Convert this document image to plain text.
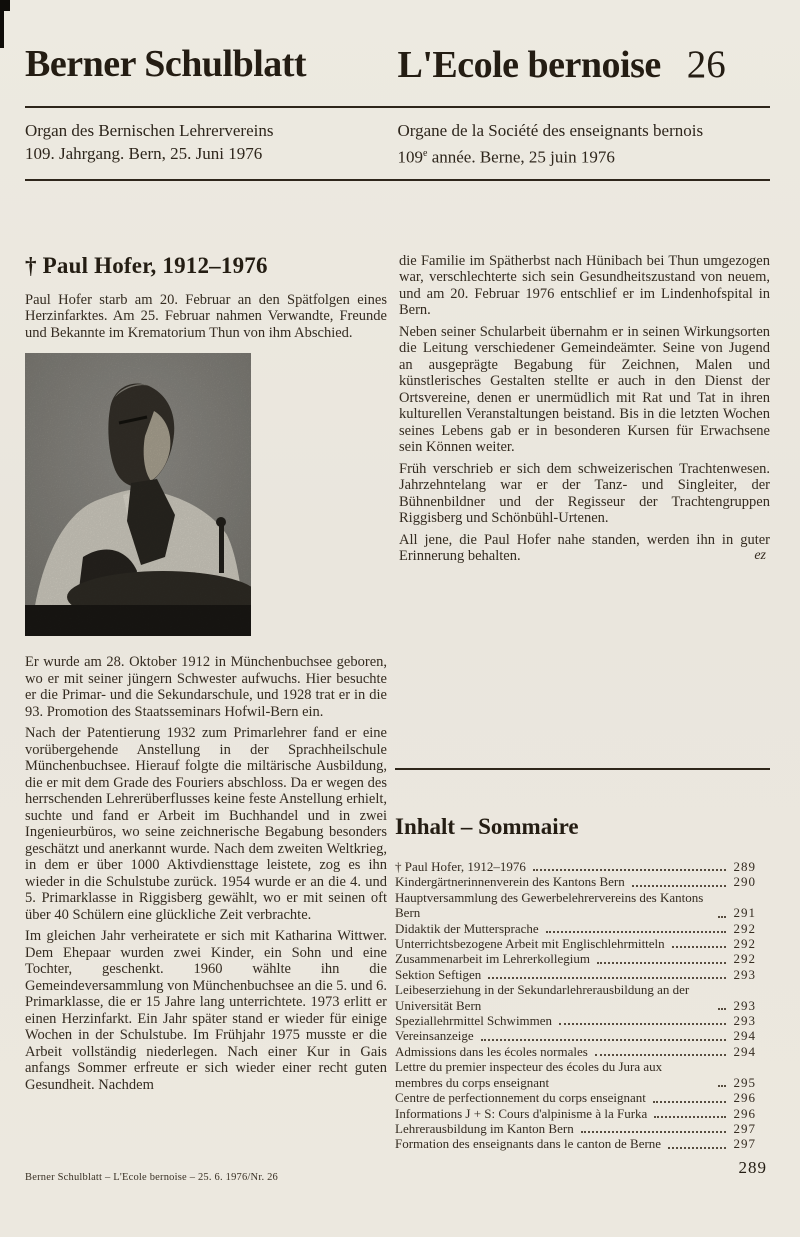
Berner Schulblatt	L'Ecole bernoise 26

Organ des Bernischen Lehrervereins

109. Jahrgang. Bern, 25. Juni 1976

Organe de la Société des enseignants bernois

109e année. Berne, 25 juin 1976

† Paul Hofer, 1912–1976

Paul Hofer starb am 20. Februar an den Spätfolgen eines Herzinfarktes. Am 25. Februar nahmen Verwandte, Freunde und Bekannte im Krematorium Thun von ihm Abschied.

Er wurde am 28. Oktober 1912 in Münchenbuchsee geboren, wo er mit seiner jüngern Schwester aufwuchs. Hier besuchte er die Primar- und die Sekundarschule, und 1928 trat er in die 93. Promotion des Staatsseminars Hofwil-Bern ein.

Nach der Patentierung 1932 zum Primarlehrer fand er eine vorübergehende Anstellung in der Sprachheilschule Münchenbuchsee. Hierauf folgte die miltärische Ausbildung, die er mit dem Grade des Fouriers abschloss. Da er wegen des herrschenden Lehrerüberflusses keine feste Anstellung erhielt, suchte und fand er Arbeit im Buchhandel und in zwei Ingenieurbüros, wo seine zeichnerische Begabung besonders geschätzt und anerkannt wurde. Nach dem zweiten Weltkrieg, in dem er über 1000 Aktivdiensttage leistete, zog es ihn wieder in die Schulstube zurück. 1954 wurde er an die 4. und 5. Primarklasse in Riggisberg gewählt, wo er mit seinen oft über 40 Schülern eine glückliche Zeit verbrachte.

Im gleichen Jahr verheiratete er sich mit Katharina Wittwer. Dem Ehepaar wurden zwei Kinder, ein Sohn und eine Tochter, geschenkt. 1960 wählte ihn die Gemeindeversammlung von Münchenbuchsee an die 5. und 6. Primarklasse, die er 15 Jahre lang unterrichtete. 1973 erlitt er einen Herzinfarkt. Ein Jahr später stand er wieder für einige Wochen in der Schulstube. Im Frühjahr 1975 musste er die Arbeit vollständig niederlegen. Nach einer Kur in Gais anfangs Sommer erfreute er sich wieder einer recht guten Gesundheit. Nachdem

die Familie im Spätherbst nach Hünibach bei Thun umgezogen war, verschlechterte sich sein Gesundheitszustand von neuem, und am 20. Februar 1976 entschlief er im Lindenhofspital in Bern.

Neben seiner Schularbeit übernahm er in seinen Wirkungsorten die Leitung verschiedener Gemeindeämter. Seine von Jugend an ausgeprägte Begabung für Zeichnen, Malen und künstlerisches Gestalten stellte er auch in den Dienst der Ortsvereine, denen er unermüdlich mit Rat und Tat in ihren kulturellen Veranstaltungen beistand. Bis in die letzten Wochen seines Lebens gab er in besonderen Kursen für Erwachsene sein Können weiter.

Früh verschrieb er sich dem schweizerischen Trachtenwesen. Jahrzehntelang war er der Tanz- und Singleiter, der Bühnenbildner und der Regisseur der Trachtengruppen Riggisberg und Schönbühl-Urtenen.

All jene, die Paul Hofer nahe standen, werden ihn in guter Erinnerung behalten.	ez

Inhalt – Sommaire
† Paul Hofer, 1912–1976	289
Kindergärtnerinnenverein des Kantons Bern	290
Hauptversammlung des Gewerbelehrervereins des Kantons Bern	291
Didaktik der Muttersprache	292
Unterrichtsbezogene Arbeit mit Englischlehrmitteln	292
Zusammenarbeit im Lehrerkollegium	292
Sektion Seftigen	293
Leibeserziehung in der Sekundarlehrerausbildung an der Universität Bern	293
Speziallehrmittel Schwimmen	293
Vereinsanzeige	294
Admissions dans les écoles normales	294
Lettre du premier inspecteur des écoles du Jura aux membres du corps enseignant	295
Centre de perfectionnement du corps enseignant	296
Informations J + S: Cours d'alpinisme à la Furka	296
Lehrerausbildung im Kanton Bern	297
Formation des enseignants dans le canton de Berne	297
Berner Schulblatt – L'Ecole bernoise – 25. 6. 1976/Nr. 26
289
